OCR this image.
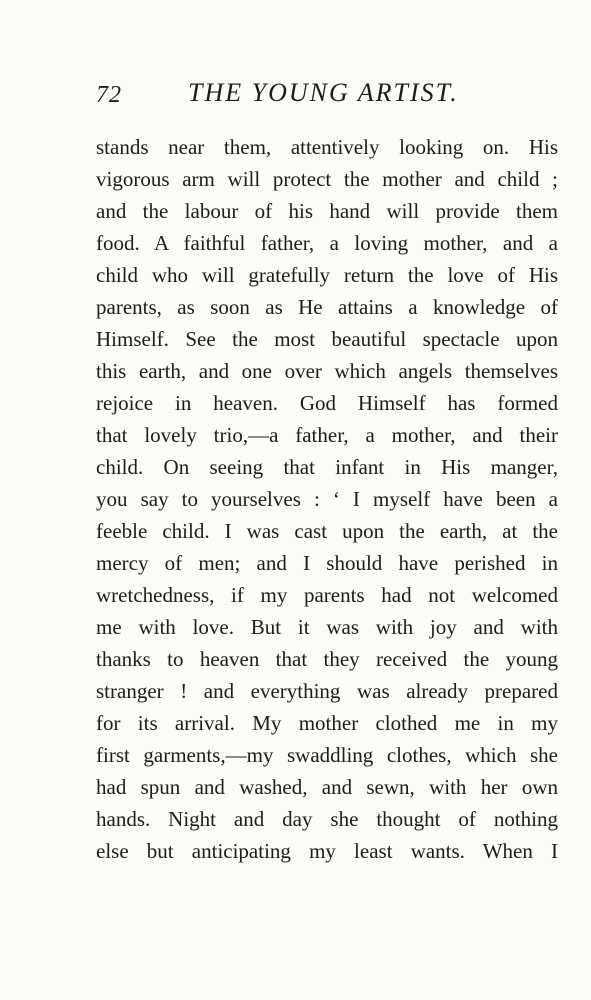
72	THE YOUNG ARTIST.
stands near them, attentively looking on. His
vigorous arm will protect the mother and child ;
and the labour of his hand will provide them
food. A faithful father, a loving mother, and a
child who will gratefully return the love of His
parents, as soon as He attains a knowledge of
Himself. See the most beautiful spectacle upon
this earth, and one over which angels themselves
rejoice in heaven. God Himself has formed
that lovely trio,—a father, a mother, and their
child. On seeing that infant in His manger,
you say to yourselves : ‘ I myself have been a
feeble child. I was cast upon the earth, at the
mercy of men; and I should have perished in
wretchedness, if my parents had not welcomed
me with love. But it was with joy and with
thanks to heaven that they received the young
stranger ! and everything was already prepared
for its arrival. My mother clothed me in my
first garments,—my swaddling clothes, which she
had spun and washed, and sewn, with her own
hands. Night and day she thought of nothing
else but anticipating my least wants. When I
